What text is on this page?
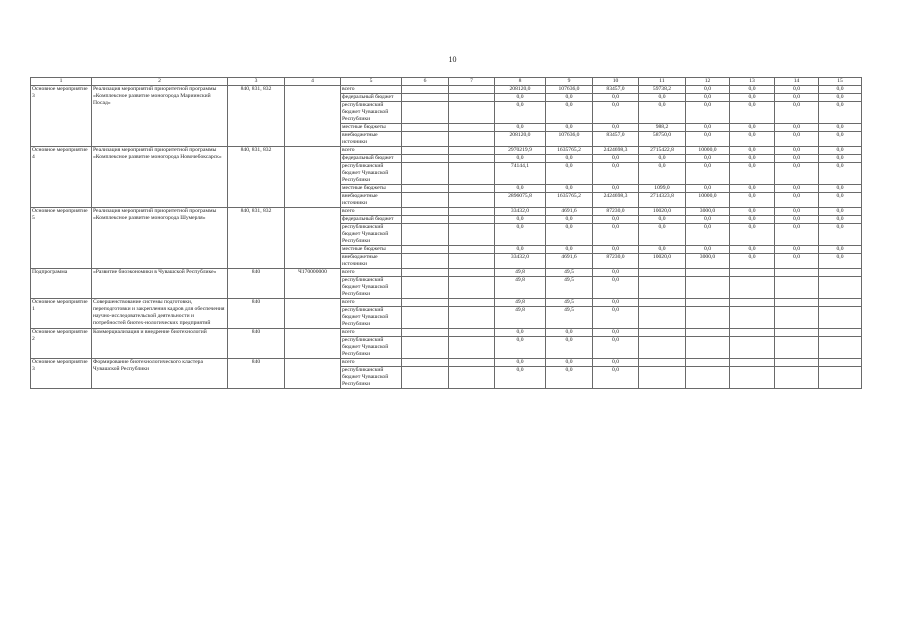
10
1	2	3	4	5	6	7	8	9	10	11	12	13	14	15
Основное мероприятие 3	Реализация мероприятий приоритетной программы «Комплексное развитие моногорода Мариинский Посад»	840, 831, 832		всего			208120,0	107636,0	83457,0	59738,2	0,0	0,0	0,0	0,0
				федеральный бюджет			0,0	0,0	0,0	0,0	0,0	0,0	0,0	0,0
				республиканский бюджет Чувашской Республики			0,0	0,0	0,0	0,0	0,0	0,0	0,0	0,0
				местные бюджеты			0,0	0,0	0,0	988,2	0,0	0,0	0,0	0,0
				внебюджетные источники			208120,0	107636,0	83457,0	58750,0	0,0	0,0	0,0	0,0
Основное мероприятие 4	Реализация мероприятий приоритетной программы «Комплексное развитие моногорода Новочебоксарск»	840, 831, 832		всего			2970219,9	1635765,2	2424698,3	2715422,8	10000,0	0,0	0,0	0,0
				федеральный бюджет			0,0	0,0	0,0	0,0	0,0	0,0	0,0	0,0
				республиканский бюджет Чувашской Республики			74144,1	0,0	0,0	0,0	0,0	0,0	0,0	0,0
				местные бюджеты			0,0	0,0	0,0	1099,0	0,0	0,0	0,0	0,0
				внебюджетные источники			2896075,8	1635765,2	2424698,3	2714323,8	10000,0	0,0	0,0	0,0
Основное мероприятие 5	Реализация мероприятий приоритетной программы «Комплексное развитие моногорода Шумерля»	840, 831, 832		всего			33432,0	4691,6	87230,0	10020,0	3000,0	0,0	0,0	0,0
				федеральный бюджет			0,0	0,0	0,0	0,0	0,0	0,0	0,0	0,0
				республиканский бюджет Чувашской Республики			0,0	0,0	0,0	0,0	0,0	0,0	0,0	0,0
				местные бюджеты			0,0	0,0	0,0	0,0	0,0	0,0	0,0	0,0
				внебюджетные источники			33432,0	4691,6	87230,0	10020,0	3000,0	0,0	0,0	0,0
Подпрограмма	«Развитие биоэкономики в Чувашской Республике»	840	Ч170000000	всего			49,8	49,5	0,0					
				республиканский бюджет Чувашской Республики			49,8	49,5	0,0					
Основное мероприятие 1	Совершенствование системы подготовки, переподготовки и закрепления кадров для обеспечения научно-исследовательской деятельности и потребностей биотех-нологических предприятий	840		всего			49,8	49,5	0,0					
				республиканский бюджет Чувашской Республики			49,8	49,5	0,0					
Основное мероприятие 2	Коммерциализация и внедрение биотехнологий	840		всего			0,0	0,0	0,0					
				республиканский бюджет Чувашской Республики			0,0	0,0	0,0					
Основное мероприятие 3	Формирование биотехнологического кластера Чувашской Республики	840		всего			0,0	0,0	0,0					
				республиканский бюджет Чувашской Республики			0,0	0,0	0,0					
